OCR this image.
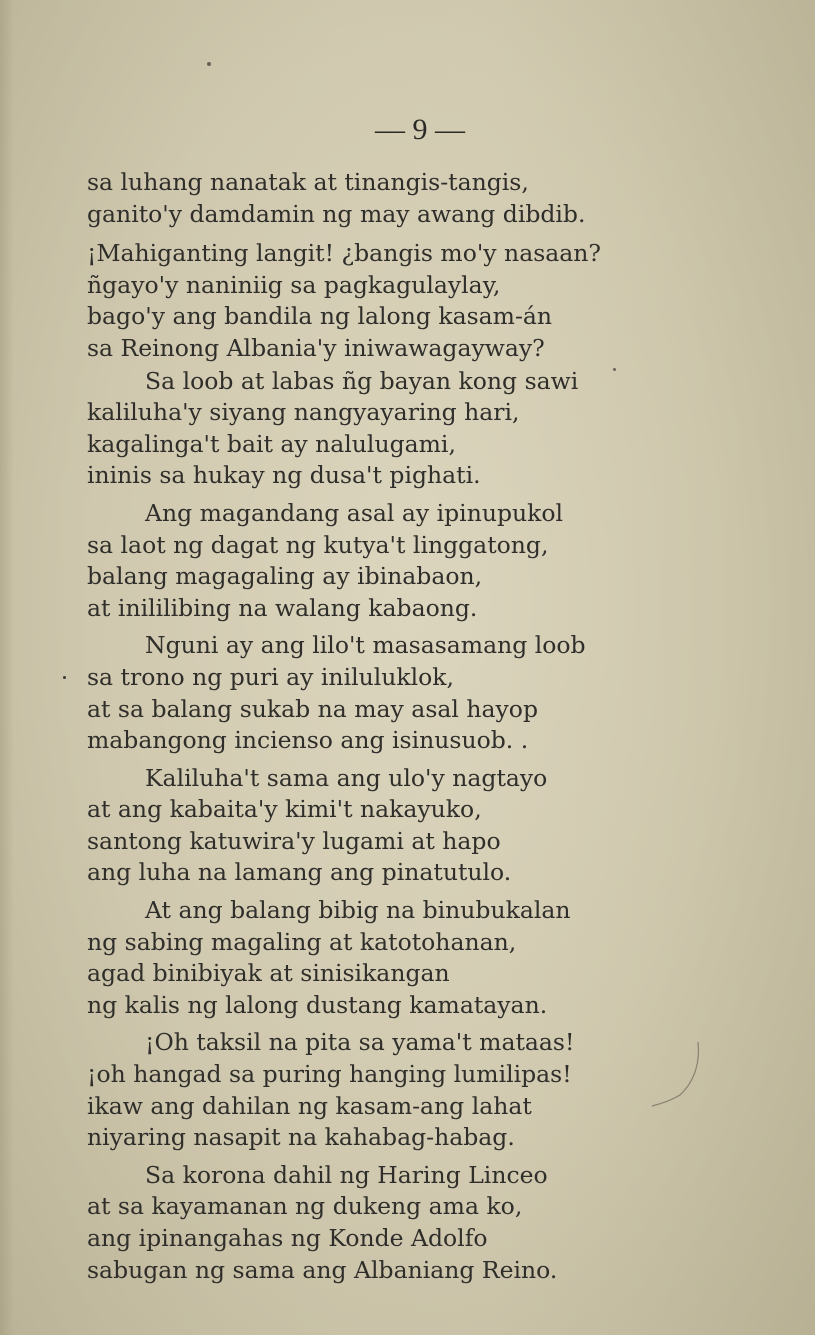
— 9 —
sa luhang nanatak at tinangis-tangis,
ganito'y damdamin ng may awang dibdib.
¡Mahiganting langit! ¿bangis mo'y nasaan?
ñgayo'y naniniig sa pagkagulaylay,
bago'y ang bandila ng lalong kasam-án
sa Reinong Albania'y iniwawagayway?
Sa loob at labas ñg bayan kong sawi
kaliluha'y siyang nangyayaring hari,
kagalinga't bait ay nalulugami,
ininis sa hukay ng dusa't pighati.
Ang magandang asal ay ipinupukol
sa laot ng dagat ng kutya't linggatong,
balang magagaling ay ibinabaon,
at inililibing na walang kabaong.
Nguni ay ang lilo't masasamang loob
sa trono ng puri ay iniluluklok,
at sa balang sukab na may asal hayop
mabangong incienso ang isinusuob. .
Kaliluha't sama ang ulo'y nagtayo
at ang kabaita'y kimi't nakayuko,
santong katuwira'y lugami at hapo
ang luha na lamang ang pinatutulo.
At ang balang bibig na binubukalan
ng sabing magaling at katotohanan,
agad binibiyak at sinisikangan
ng kalis ng lalong dustang kamatayan.
¡Oh taksil na pita sa yama't mataas!
¡oh hangad sa puring hanging lumilipas!
ikaw ang dahilan ng kasam-ang lahat
niyaring nasapit na kahabag-habag.
Sa korona dahil ng Haring Linceo
at sa kayamanan ng dukeng ama ko,
ang ipinangahas ng Konde Adolfo
sabugan ng sama ang Albaniang Reino.
